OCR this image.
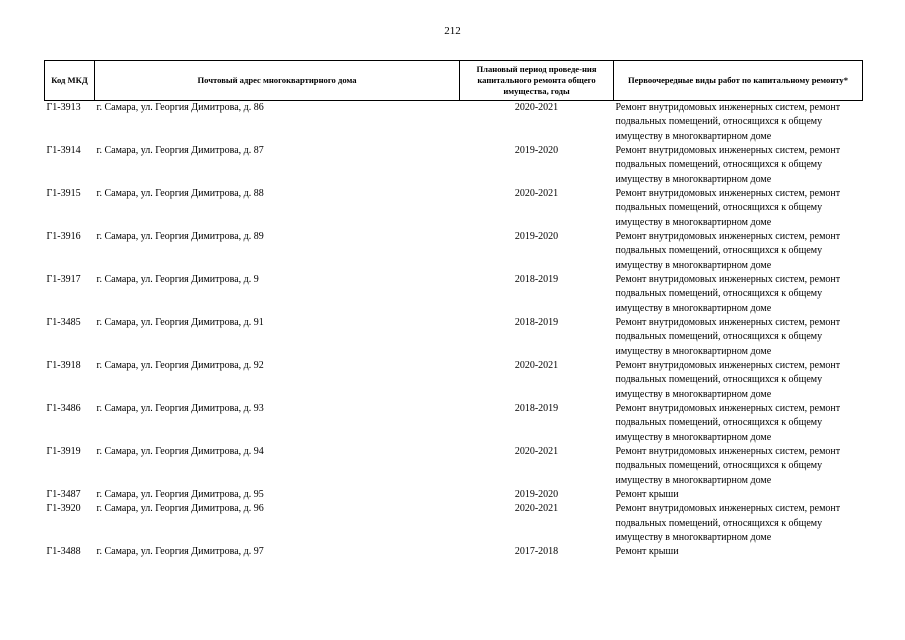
212
Код МКД	Почтовый адрес многоквартирного дома	Плановый период проведе-ния капитального ремонта общего имущества, годы	Первоочередные виды работ по капитальному ремонту*
Г1-3913	г. Самара, ул. Георгия Димитрова, д. 86	2020-2021	Ремонт внутридомовых инженерных систем, ремонт подвальных помещений, относящихся к общему имуществу в многоквартирном доме
Г1-3914	г. Самара, ул. Георгия Димитрова, д. 87	2019-2020	Ремонт внутридомовых инженерных систем, ремонт подвальных помещений, относящихся к общему имуществу в многоквартирном доме
Г1-3915	г. Самара, ул. Георгия Димитрова, д. 88	2020-2021	Ремонт внутридомовых инженерных систем, ремонт подвальных помещений, относящихся к общему имуществу в многоквартирном доме
Г1-3916	г. Самара, ул. Георгия Димитрова, д. 89	2019-2020	Ремонт внутридомовых инженерных систем, ремонт подвальных помещений, относящихся к общему имуществу в многоквартирном доме
Г1-3917	г. Самара, ул. Георгия Димитрова, д. 9	2018-2019	Ремонт внутридомовых инженерных систем, ремонт подвальных помещений, относящихся к общему имуществу в многоквартирном доме
Г1-3485	г. Самара, ул. Георгия Димитрова, д. 91	2018-2019	Ремонт внутридомовых инженерных систем, ремонт подвальных помещений, относящихся к общему имуществу в многоквартирном доме
Г1-3918	г. Самара, ул. Георгия Димитрова, д. 92	2020-2021	Ремонт внутридомовых инженерных систем, ремонт подвальных помещений, относящихся к общему имуществу в многоквартирном доме
Г1-3486	г. Самара, ул. Георгия Димитрова, д. 93	2018-2019	Ремонт внутридомовых инженерных систем, ремонт подвальных помещений, относящихся к общему имуществу в многоквартирном доме
Г1-3919	г. Самара, ул. Георгия Димитрова, д. 94	2020-2021	Ремонт внутридомовых инженерных систем, ремонт подвальных помещений, относящихся к общему имуществу в многоквартирном доме
Г1-3487	г. Самара, ул. Георгия Димитрова, д. 95	2019-2020	Ремонт крыши
Г1-3920	г. Самара, ул. Георгия Димитрова, д. 96	2020-2021	Ремонт внутридомовых инженерных систем, ремонт подвальных помещений, относящихся к общему имуществу в многоквартирном доме
Г1-3488	г. Самара, ул. Георгия Димитрова, д. 97	2017-2018	Ремонт крыши
